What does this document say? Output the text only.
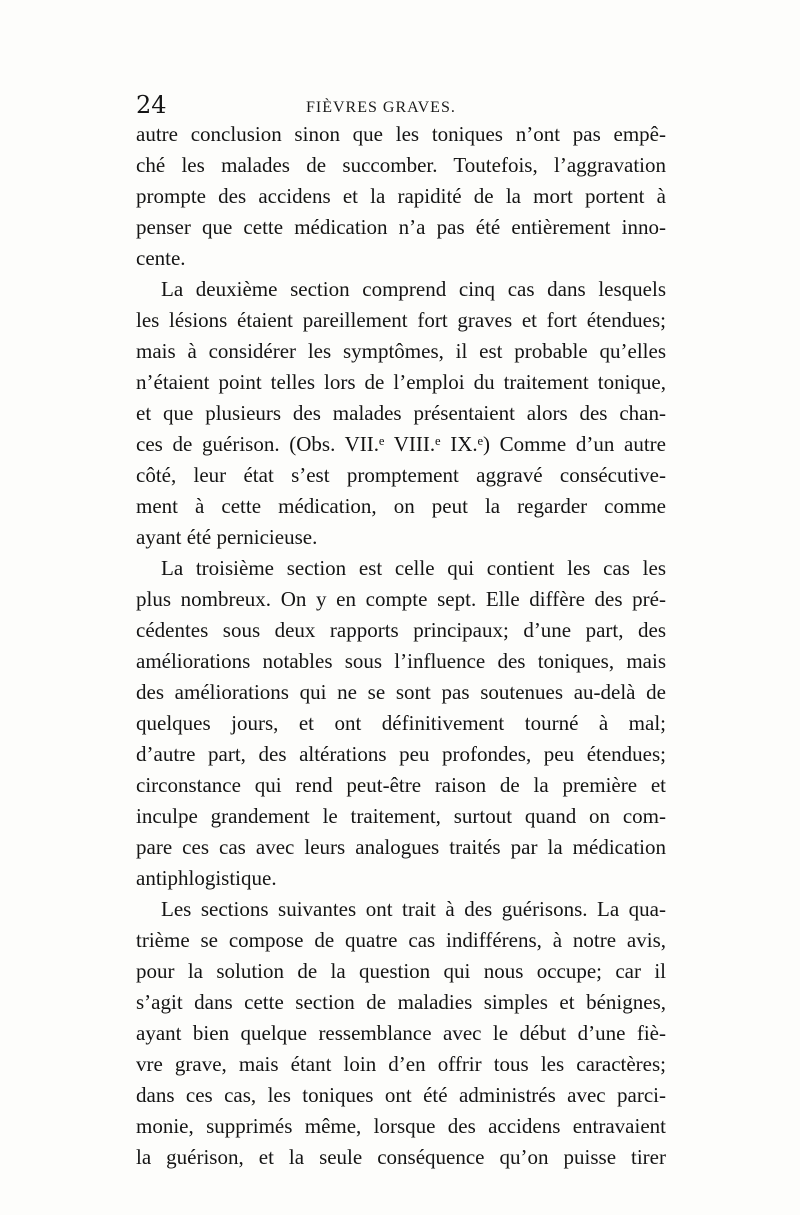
24	FIÈVRES GRAVES.
autre conclusion sinon que les toniques n’ont pas empê-
ché les malades de succomber. Toutefois, l’aggravation
prompte des accidens et la rapidité de la mort portent à
penser que cette médication n’a pas été entièrement inno-
cente.
La deuxième section comprend cinq cas dans lesquels
les lésions étaient pareillement fort graves et fort étendues;
mais à considérer les symptômes, il est probable qu’elles
n’étaient point telles lors de l’emploi du traitement tonique,
et que plusieurs des malades présentaient alors des chan-
ces de guérison. (Obs. VII.ᵉ VIII.ᵉ IX.ᵉ) Comme d’un autre
côté, leur état s’est promptement aggravé consécutive-
ment à cette médication, on peut la regarder comme
ayant été pernicieuse.
La troisième section est celle qui contient les cas les
plus nombreux. On y en compte sept. Elle diffère des pré-
cédentes sous deux rapports principaux; d’une part, des
améliorations notables sous l’influence des toniques, mais
des améliorations qui ne se sont pas soutenues au-delà de
quelques jours, et ont définitivement tourné à mal;
d’autre part, des altérations peu profondes, peu étendues;
circonstance qui rend peut-être raison de la première et
inculpe grandement le traitement, surtout quand on com-
pare ces cas avec leurs analogues traités par la médication
antiphlogistique.
Les sections suivantes ont trait à des guérisons. La qua-
trième se compose de quatre cas indifférens, à notre avis,
pour la solution de la question qui nous occupe; car il
s’agit dans cette section de maladies simples et bénignes,
ayant bien quelque ressemblance avec le début d’une fiè-
vre grave, mais étant loin d’en offrir tous les caractères;
dans ces cas, les toniques ont été administrés avec parci-
monie, supprimés même, lorsque des accidens entravaient
la guérison, et la seule conséquence qu’on puisse tirer
